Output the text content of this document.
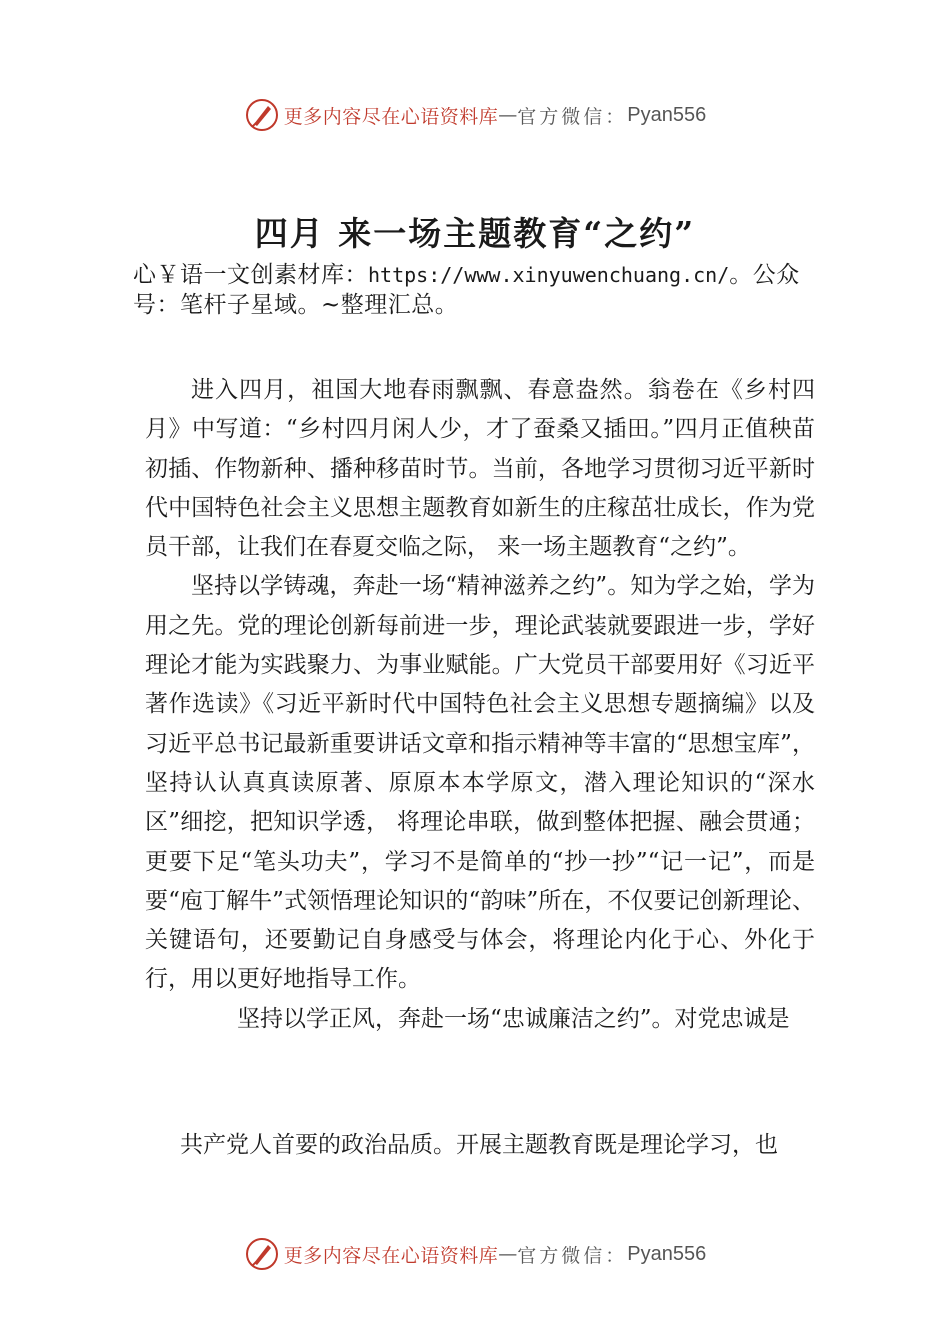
更多内容尽在心语资料库 — 官方微信： Pyan556
四月 来一场主题教育“之约”
心￥语一文创素材库：https://www.xinyuwenchuang.cn/。公众号：笔杆子星域。~整理汇总。

进入四月，祖国大地春雨飘飘、春意盎然。翁卷在《乡村四月》中写道：“乡村四月闲人少，才了蚕桑又插田。”四月正值秧苗初插、作物新种、播种移苗时节。当前，各地学习贯彻习近平新时代中国特色社会主义思想主题教育如新生的庄稼茁壮成长，作为党员干部，让我们在春夏交临之际， 来一场主题教育“之约”。

坚持以学铸魂，奔赴一场“精神滋养之约”。知为学之始，学为用之先。党的理论创新每前进一步，理论武装就要跟进一步，学好理论才能为实践聚力、为事业赋能。广大党员干部要用好《习近平著作选读》《习近平新时代中国特色社会主义思想专题摘编》以及习近平总书记最新重要讲话文章和指示精神等丰富的“思想宝库”，坚持认认真真读原著、原原本本学原文，潜入理论知识的“深水区”细挖，把知识学透， 将理论串联，做到整体把握、融会贯通；更要下足“笔头功夫”，学习不是简单的“抄一抄”“记一记”，而是要“庖丁解牛”式领悟理论知识的“韵味”所在，不仅要记创新理论、 关键语句，还要勤记自身感受与体会，将理论内化于心、外化于行，用以更好地指导工作。

坚持以学正风，奔赴一场“忠诚廉洁之约”。对党忠诚是

共产党人首要的政治品质。开展主题教育既是理论学习，也
更多内容尽在心语资料库 — 官方微信： Pyan556
